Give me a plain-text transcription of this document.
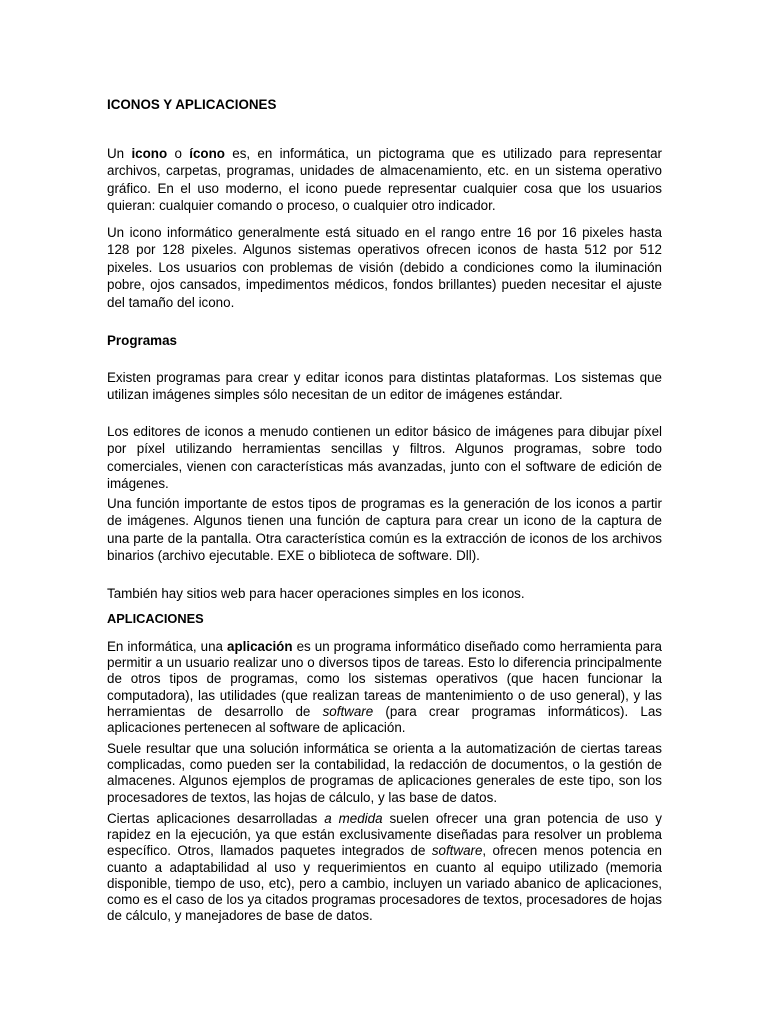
ICONOS Y APLICACIONES

Un icono o ícono es, en informática, un pictograma que es utilizado para representar archivos, carpetas, programas, unidades de almacenamiento, etc. en un sistema operativo gráfico. En el uso moderno, el icono puede representar cualquier cosa que los usuarios quieran: cualquier comando o proceso, o cualquier otro indicador.

Un icono informático generalmente está situado en el rango entre 16 por 16 pixeles hasta 128 por 128 pixeles. Algunos sistemas operativos ofrecen iconos de hasta 512 por 512 pixeles. Los usuarios con problemas de visión (debido a condiciones como la iluminación pobre, ojos cansados, impedimentos médicos, fondos brillantes) pueden necesitar el ajuste del tamaño del icono.

Programas

Existen programas para crear y editar iconos para distintas plataformas. Los sistemas que utilizan imágenes simples sólo necesitan de un editor de imágenes estándar.

Los editores de iconos a menudo contienen un editor básico de imágenes para dibujar píxel por píxel utilizando herramientas sencillas y filtros. Algunos programas, sobre todo comerciales, vienen con características más avanzadas, junto con el software de edición de imágenes.

Una función importante de estos tipos de programas es la generación de los iconos a partir de imágenes. Algunos tienen una función de captura para crear un icono de la captura de una parte de la pantalla. Otra característica común es la extracción de iconos de los archivos binarios (archivo ejecutable. EXE o biblioteca de software. Dll).

También hay sitios web para hacer operaciones simples en los iconos.

APLICACIONES

En informática, una aplicación es un programa informático diseñado como herramienta para permitir a un usuario realizar uno o diversos tipos de tareas. Esto lo diferencia principalmente de otros tipos de programas, como los sistemas operativos (que hacen funcionar la computadora), las utilidades (que realizan tareas de mantenimiento o de uso general), y las herramientas de desarrollo de software (para crear programas informáticos). Las aplicaciones pertenecen al software de aplicación.

Suele resultar que una solución informática se orienta a la automatización de ciertas tareas complicadas, como pueden ser la contabilidad, la redacción de documentos, o la gestión de almacenes. Algunos ejemplos de programas de aplicaciones generales de este tipo, son los procesadores de textos, las hojas de cálculo, y las base de datos.

Ciertas aplicaciones desarrolladas a medida suelen ofrecer una gran potencia de uso y rapidez en la ejecución, ya que están exclusivamente diseñadas para resolver un problema específico. Otros, llamados paquetes integrados de software, ofrecen menos potencia en cuanto a adaptabilidad al uso y requerimientos en cuanto al equipo utilizado (memoria disponible, tiempo de uso, etc), pero a cambio, incluyen un variado abanico de aplicaciones, como es el caso de los ya citados programas procesadores de textos, procesadores de hojas de cálculo, y manejadores de base de datos.
